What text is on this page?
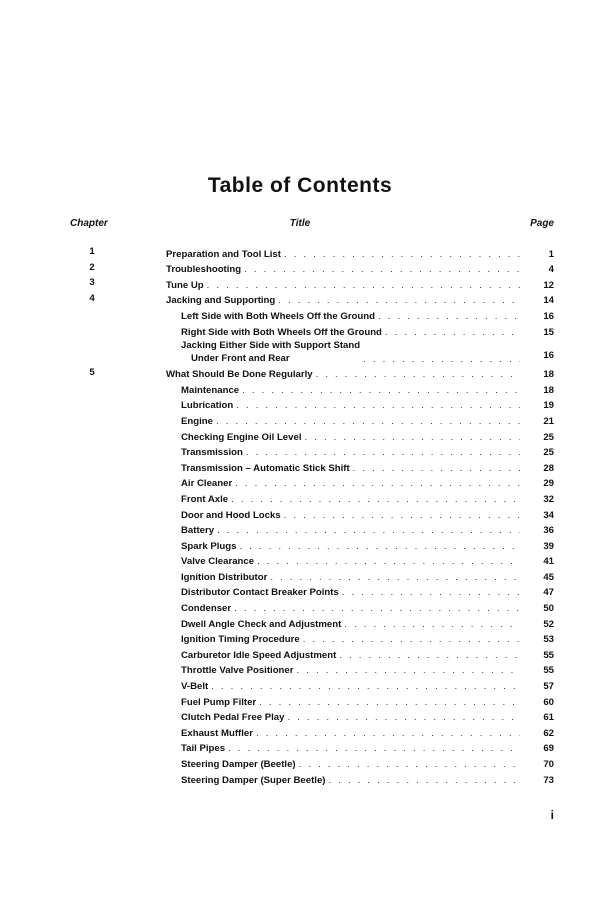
Table of Contents
Chapter	Title	Page
1	Preparation and Tool List . . .	1
2	Troubleshooting . . .	4
3	Tune Up . . .	12
4	Jacking and Supporting . . .	14
Left Side with Both Wheels Off the Ground . . .	16
Right Side with Both Wheels Off the Ground . . .	15
Jacking Either Side with Support Stand
Under Front and Rear . . .	16
5	What Should Be Done Regularly . . .	18
Maintenance . . .	18
Lubrication . . .	19
Engine . . .	21
Checking Engine Oil Level . . .	25
Transmission . . .	25
Transmission – Automatic Stick Shift . . .	28
Air Cleaner . . .	29
Front Axle . . .	32
Door and Hood Locks . . .	34
Battery . . .	36
Spark Plugs . . .	39
Valve Clearance . . .	41
Ignition Distributor . . .	45
Distributor Contact Breaker Points . . .	47
Condenser . . .	50
Dwell Angle Check and Adjustment . . .	52
Ignition Timing Procedure . . .	53
Carburetor Idle Speed Adjustment . . .	55
Throttle Valve Positioner . . .	55
V-Belt . . .	57
Fuel Pump Filter . . .	60
Clutch Pedal Free Play . . .	61
Exhaust Muffler . . .	62
Tail Pipes . . .	69
Steering Damper (Beetle) . . .	70
Steering Damper (Super Beetle) . . .	73
i
